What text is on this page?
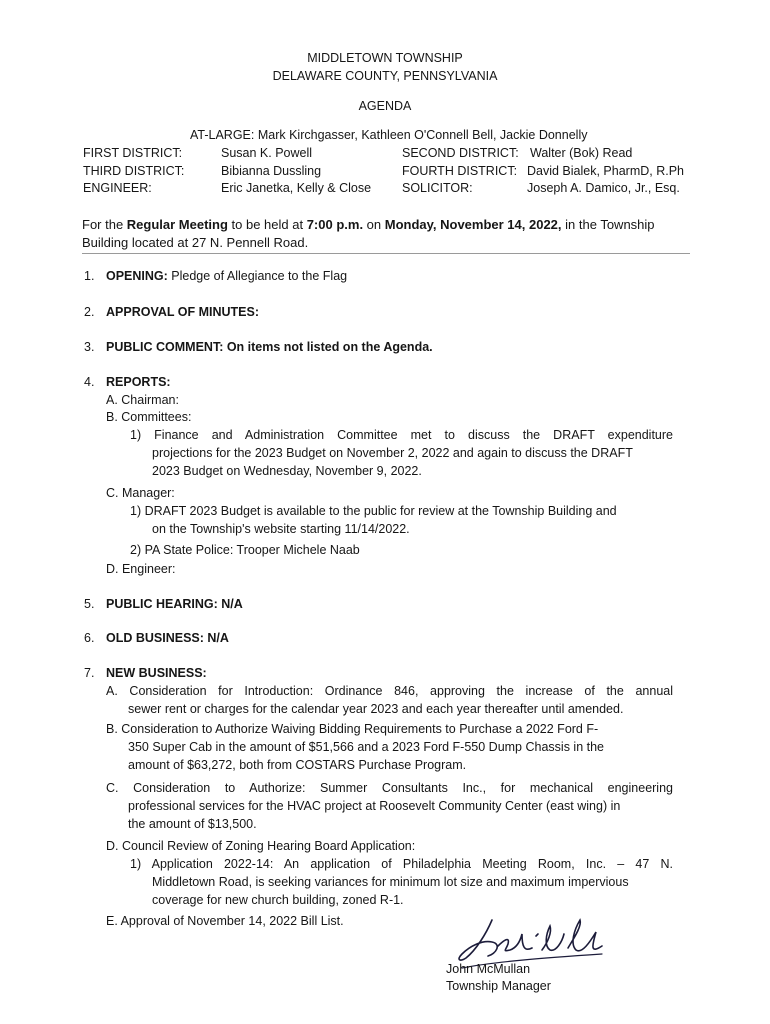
MIDDLETOWN TOWNSHIP
DELAWARE COUNTY, PENNSYLVANIA
AGENDA
AT-LARGE: Mark Kirchgasser, Kathleen O'Connell Bell, Jackie Donnelly
FIRST DISTRICT:	Susan K. Powell	SECOND DISTRICT: Walter (Bok) Read
THIRD DISTRICT:	Bibianna Dussling	FOURTH DISTRICT: David Bialek, PharmD, R.Ph
ENGINEER:	Eric Janetka, Kelly & Close SOLICITOR:	Joseph A. Damico, Jr., Esq.
For the Regular Meeting to be held at 7:00 p.m. on Monday, November 14, 2022, in the Township
Building located at 27 N. Pennell Road.
1. OPENING: Pledge of Allegiance to the Flag
2. APPROVAL OF MINUTES:
3. PUBLIC COMMENT: On items not listed on the Agenda.
4. REPORTS:
A. Chairman:
B. Committees:
1) Finance and Administration Committee met to discuss the DRAFT expenditure
projections for the 2023 Budget on November 2, 2022 and again to discuss the DRAFT
2023 Budget on Wednesday, November 9, 2022.
C. Manager:
1) DRAFT 2023 Budget is available to the public for review at the Township Building and
on the Township's website starting 11/14/2022.
2) PA State Police: Trooper Michele Naab
D. Engineer:
5. PUBLIC HEARING: N/A
6. OLD BUSINESS: N/A
7. NEW BUSINESS:
A. Consideration for Introduction: Ordinance 846, approving the increase of the annual
sewer rent or charges for the calendar year 2023 and each year thereafter until amended.
B. Consideration to Authorize Waiving Bidding Requirements to Purchase a 2022 Ford F-
350 Super Cab in the amount of $51,566 and a 2023 Ford F-550 Dump Chassis in the
amount of $63,272, both from COSTARS Purchase Program.
C. Consideration to Authorize: Summer Consultants Inc., for mechanical engineering
professional services for the HVAC project at Roosevelt Community Center (east wing) in
the amount of $13,500.
D. Council Review of Zoning Hearing Board Application:
1) Application 2022-14: An application of Philadelphia Meeting Room, Inc. – 47 N.
Middletown Road, is seeking variances for minimum lot size and maximum impervious
coverage for new church building, zoned R-1.
E. Approval of November 14, 2022 Bill List.
John McMullan
Township Manager
